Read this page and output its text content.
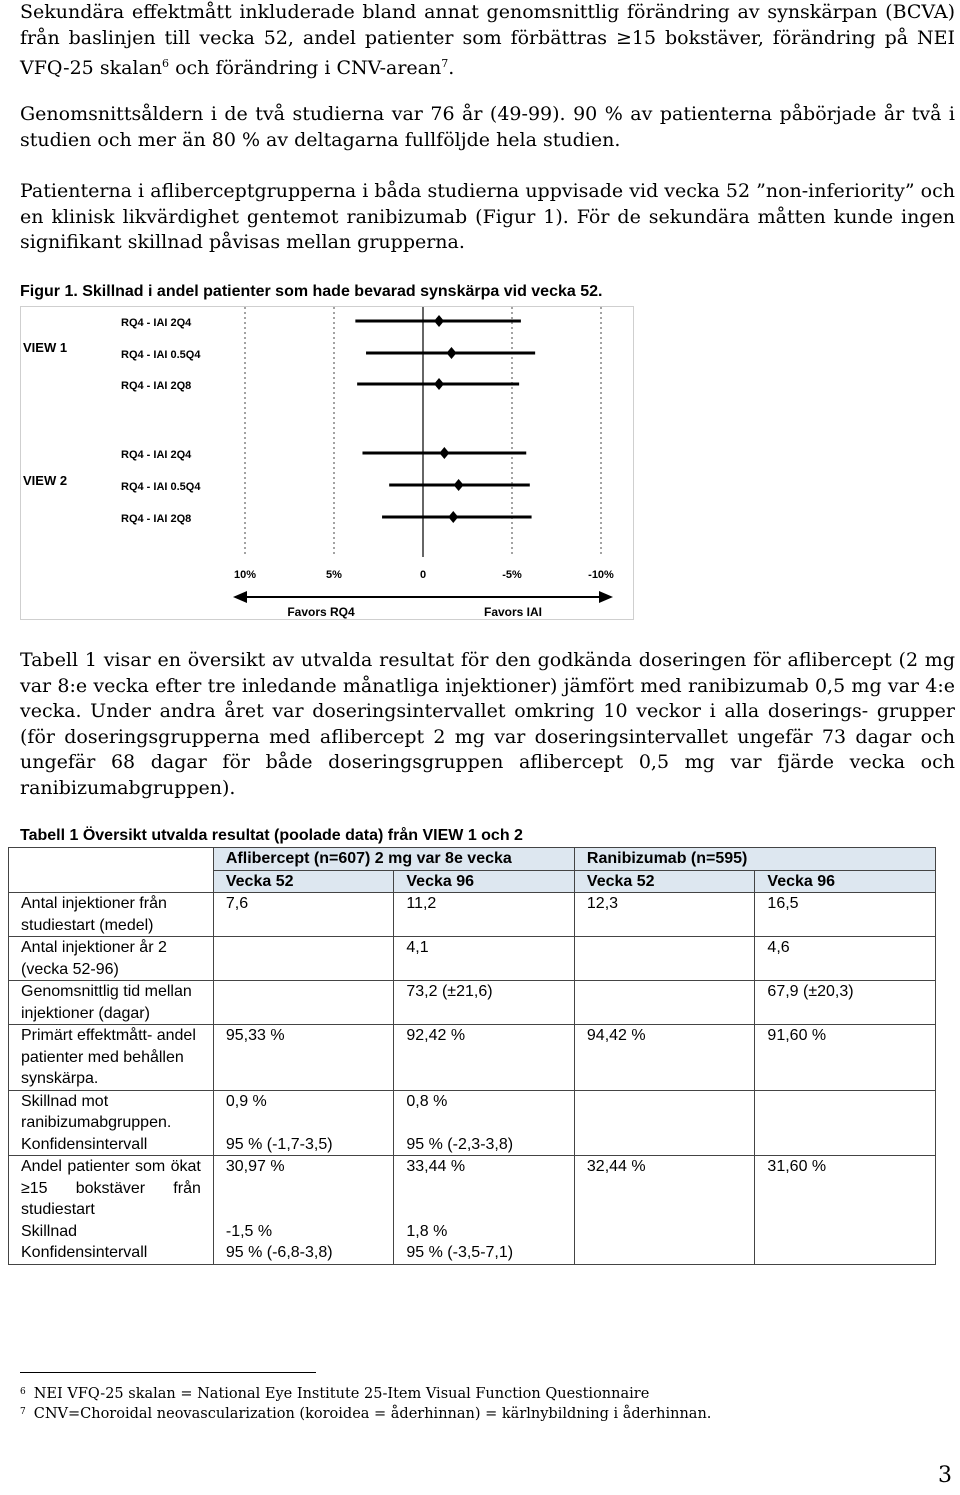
Sekundära effektmått inkluderade bland annat genomsnittlig förändring av synskärpan (BCVA) från baslinjen till vecka 52, andel patienter som förbättras ≥15 bokstäver, förändring på NEI VFQ-25 skalan$^6$ och förändring i CNV-arean$^7$.
Genomsnittsåldern i de två studierna var 76 år (49-99). 90 % av patienterna påbörjade år två i studien och mer än 80 % av deltagarna fullföljde hela studien.
Patienterna i afliberceptgrupperna i båda studierna uppvisade vid vecka 52 ”non-inferiority” och en klinisk likvärdighet gentemot ranibizumab (Figur 1). För de sekundära måtten kunde ingen signifikant skillnad påvisas mellan grupperna.
Figur 1. Skillnad i andel patienter som hade bevarad synskärpa vid vecka 52.
VIEW 1
VIEW 2
RQ4 - IAI 2Q4
RQ4 - IAI 0.5Q4
RQ4 - IAI 2Q8
RQ4 - IAI 2Q4
RQ4 - IAI 0.5Q4
RQ4 - IAI 2Q8
10%	5%	0	-5%	-10%
Favors RQ4	Favors IAI
Tabell 1 visar en översikt av utvalda resultat för den godkända doseringen för aflibercept (2 mg var 8:e vecka efter tre inledande månatliga injektioner) jämfört med ranibizumab 0,5 mg var 4:e vecka. Under andra året var doseringsintervallet omkring 10 veckor i alla doserings- grupper (för doseringsgrupperna med aflibercept 2 mg var doseringsintervallet ungefär 73 dagar och ungefär 68 dagar för både doseringsgruppen aflibercept 0,5 mg var fjärde vecka och ranibizumabgruppen).
Tabell 1 Översikt utvalda resultat (poolade data) från VIEW 1 och 2
	Aflibercept (n=607) 2 mg var 8e vecka		Ranibizumab (n=595)	
	Vecka 52	Vecka 96	Vecka 52	Vecka 96
Antal injektioner från studiestart (medel)	7,6	11,2	12,3	16,5
Antal injektioner år 2 (vecka 52-96)		4,1		4,6
Genomsnittlig tid mellan injektioner (dagar)		73,2 (±21,6)		67,9 (±20,3)
Primärt effektmått- andel patienter med behållen synskärpa.	95,33 %	92,42 %	94,42 %	91,60 %
Skillnad mot ranibizumabgruppen.	0,9 %	0,8 %		
Konfidensintervall	95 % (-1,7-3,5)	95 % (-2,3-3,8)		
Andel patienter som ökat ≥15 bokstäver från studiestart	30,97 %	33,44 %	32,44 %	31,60 %
Skillnad	-1,5 %	1,8 %		
Konfidensintervall	95 % (-6,8-3,8)	95 % (-3,5-7,1)		
$^6$ NEI VFQ-25 skalan = National Eye Institute 25-Item Visual Function Questionnaire
$^7$ CNV=Choroidal neovascularization (koroidea = åderhinnan) = kärlnybildning i åderhinnan.
3
